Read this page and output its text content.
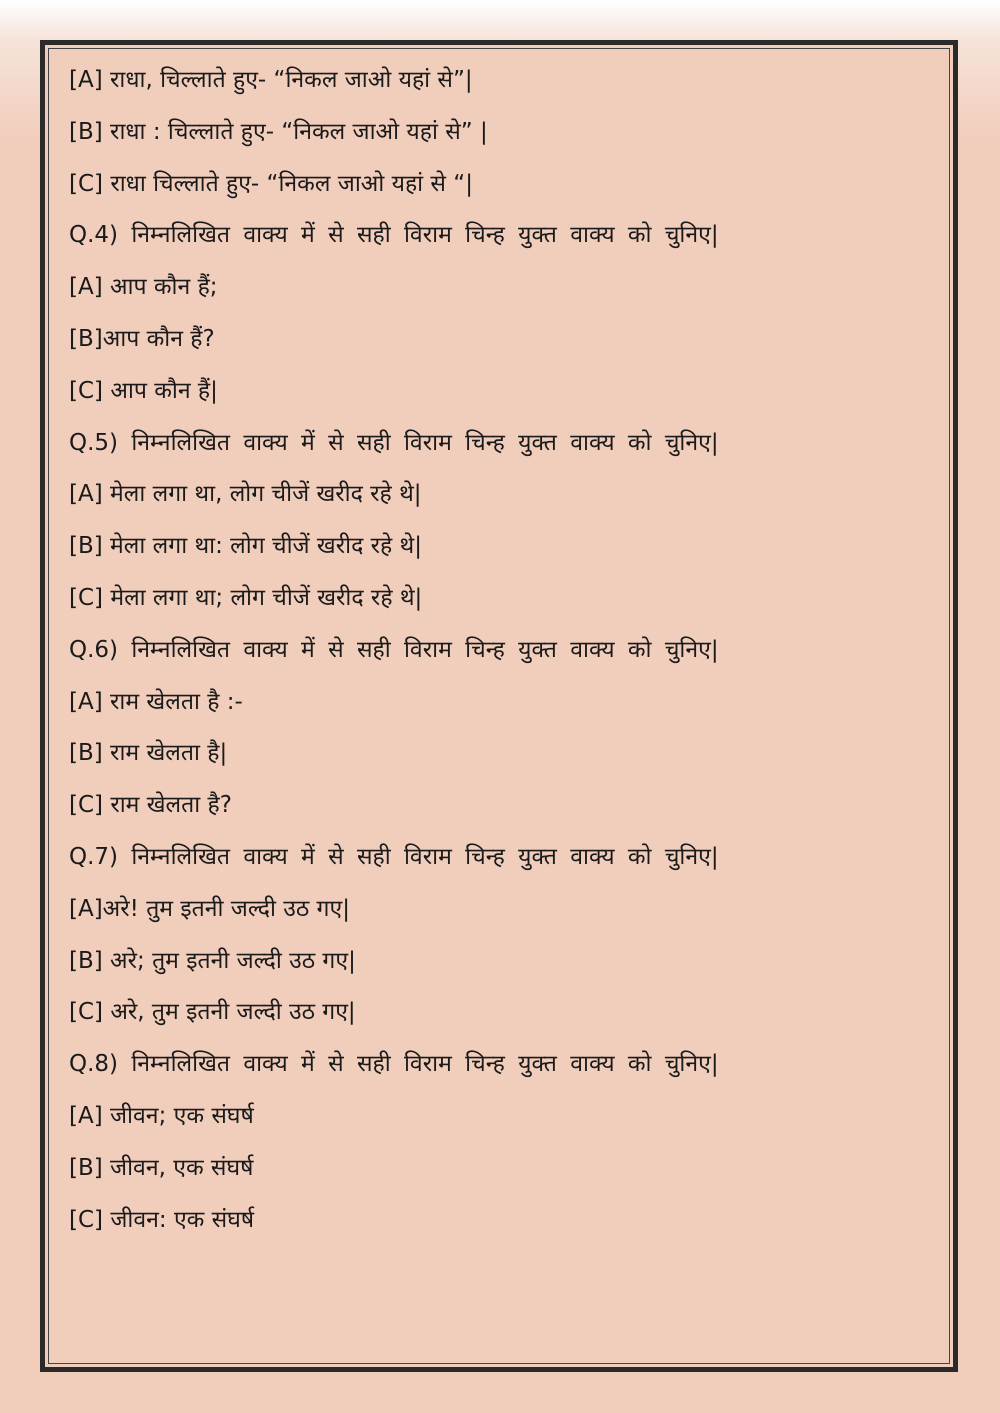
[A] राधा, चिल्लाते हुए- “निकल जाओ यहां से”|
[B] राधा : चिल्लाते हुए- “निकल जाओ यहां से” |
[C] राधा चिल्लाते हुए- “निकल जाओ यहां से “|
Q.4) निम्नलिखित वाक्य में से सही विराम चिन्ह युक्त वाक्य को चुनिए|
[A] आप कौन हैं;
[B]आप कौन हैं?
[C] आप कौन हैं|
Q.5) निम्नलिखित वाक्य में से सही विराम चिन्ह युक्त वाक्य को चुनिए|
[A] मेला लगा था, लोग चीजें खरीद रहे थे|
[B] मेला लगा था: लोग चीजें खरीद रहे थे|
[C] मेला लगा था; लोग चीजें खरीद रहे थे|
Q.6) निम्नलिखित वाक्य में से सही विराम चिन्ह युक्त वाक्य को चुनिए|
[A] राम खेलता है :-
[B] राम खेलता है|
[C] राम खेलता है?
Q.7) निम्नलिखित वाक्य में से सही विराम चिन्ह युक्त वाक्य को चुनिए|
[A]अरे! तुम इतनी जल्दी उठ गए|
[B] अरे; तुम इतनी जल्दी उठ गए|
[C] अरे, तुम इतनी जल्दी उठ गए|
Q.8) निम्नलिखित वाक्य में से सही विराम चिन्ह युक्त वाक्य को चुनिए|
[A] जीवन; एक संघर्ष
[B] जीवन, एक संघर्ष
[C] जीवन: एक संघर्ष
